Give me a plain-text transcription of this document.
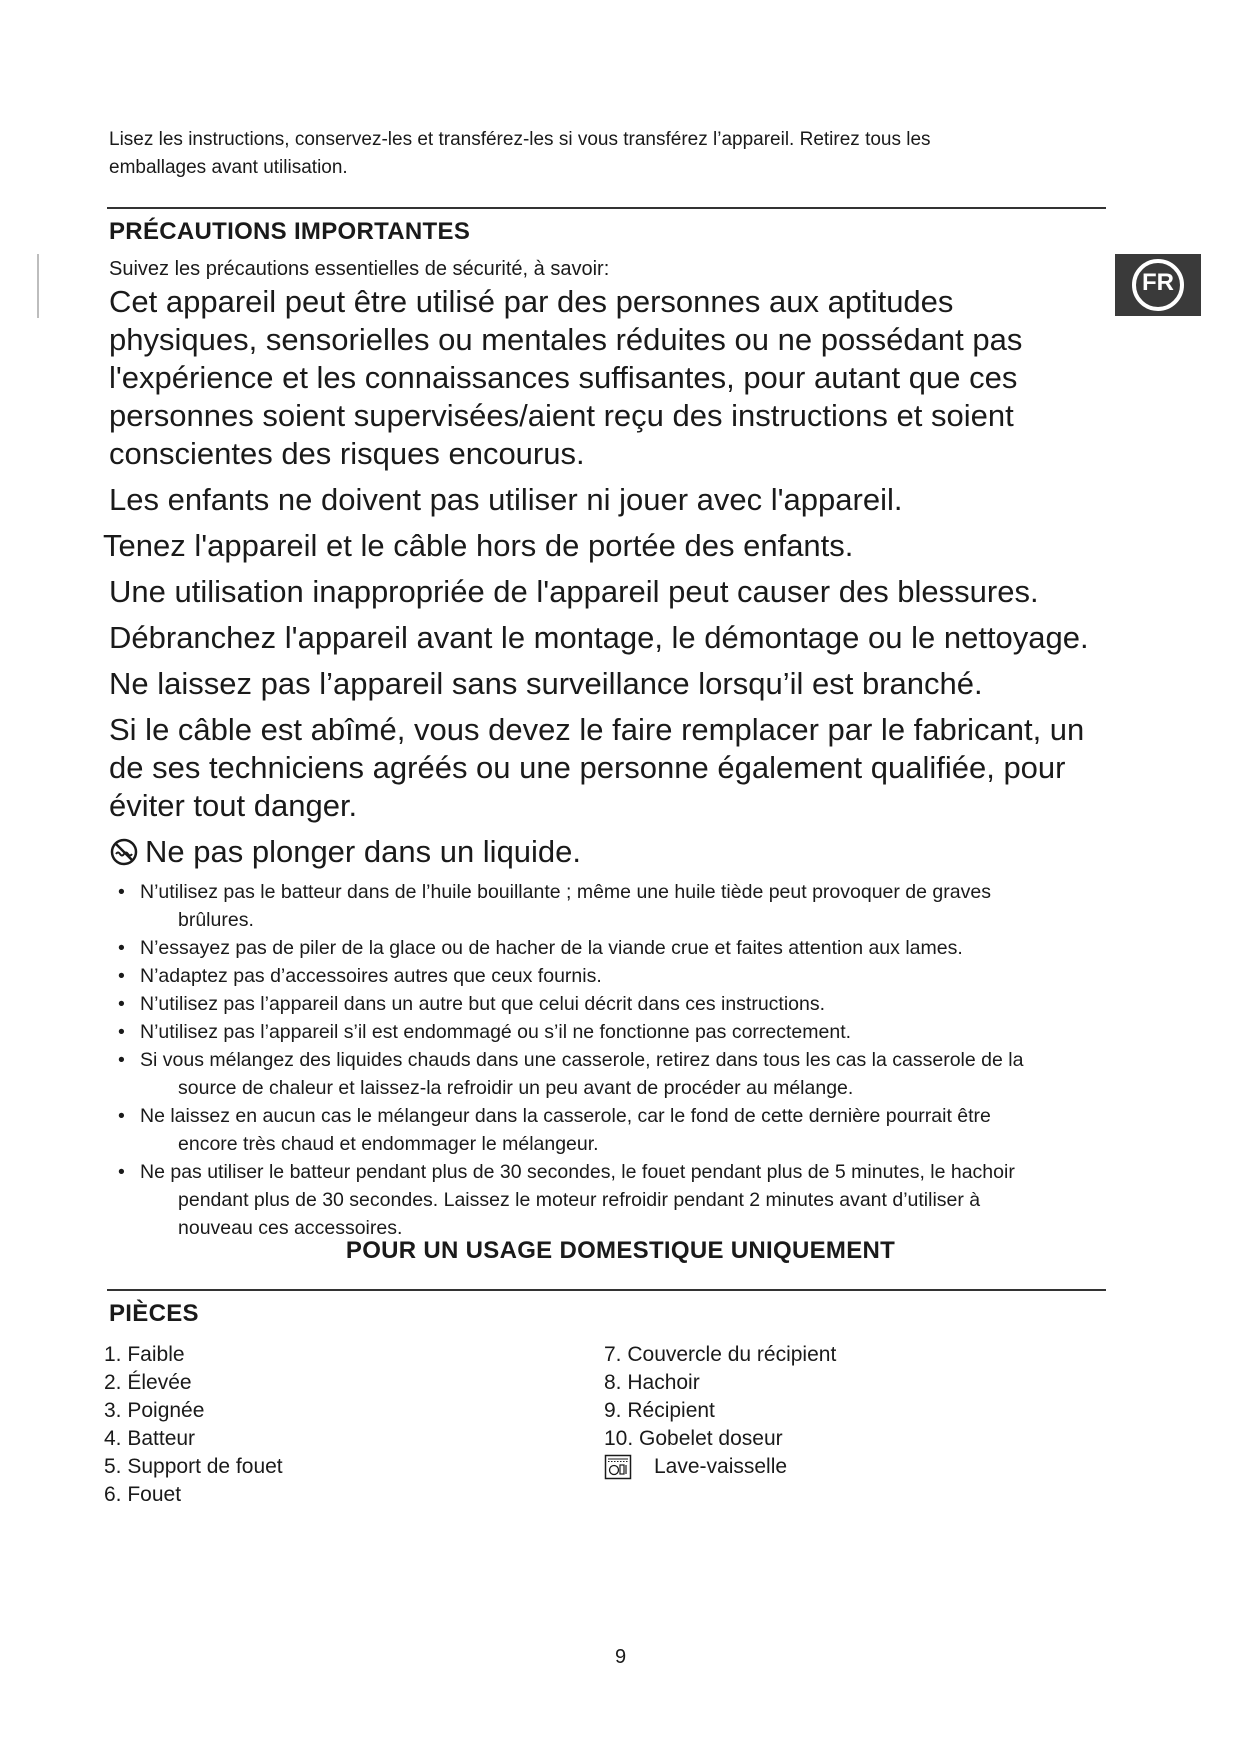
Lisez les instructions, conservez-les et transférez-les si vous transférez l’appareil. Retirez tous les
emballages avant utilisation.
PRÉCAUTIONS IMPORTANTES
Suivez les précautions essentielles de sécurité, à savoir:	FR

Cet appareil peut être utilisé par des personnes aux aptitudes physiques, sensorielles ou mentales réduites ou ne possédant pas l'expérience et les connaissances suffisantes, pour autant que ces personnes soient supervisées/aient reçu des instructions et soient conscientes des risques encourus.

Les enfants ne doivent pas utiliser ni jouer avec l'appareil.

Tenez l'appareil et le câble hors de portée des enfants.

Une utilisation inappropriée de l'appareil peut causer des blessures.

Débranchez l'appareil avant le montage, le démontage ou le nettoyage.

Ne laissez pas l’appareil sans surveillance lorsqu’il est branché.

Si le câble est abîmé, vous devez le faire remplacer par le fabricant, un de ses techniciens agréés ou une personne également qualifiée, pour éviter tout danger.

Ne pas plonger dans un liquide.

• N’utilisez pas le batteur dans de l’huile bouillante ; même une huile tiède peut provoquer de graves
brûlures.
• N’essayez pas de piler de la glace ou de hacher de la viande crue et faites attention aux lames.
• N’adaptez pas d’accessoires autres que ceux fournis.
• N’utilisez pas l’appareil dans un autre but que celui décrit dans ces instructions.
• N’utilisez pas l’appareil s’il est endommagé ou s’il ne fonctionne pas correctement.
• Si vous mélangez des liquides chauds dans une casserole, retirez dans tous les cas la casserole de la
source de chaleur et laissez-la refroidir un peu avant de procéder au mélange.
• Ne laissez en aucun cas le mélangeur dans la casserole, car le fond de cette dernière pourrait être
encore très chaud et endommager le mélangeur.
• Ne pas utiliser le batteur pendant plus de 30 secondes, le fouet pendant plus de 5 minutes, le hachoir
pendant plus de 30 secondes. Laissez le moteur refroidir pendant 2 minutes avant d’utiliser à
nouveau ces accessoires.
POUR UN USAGE DOMESTIQUE UNIQUEMENT
PIÈCES
1. Faible
2. Élevée
3. Poignée
4. Batteur
5. Support de fouet
6. Fouet
7. Couvercle du récipient
8. Hachoir
9. Récipient
10. Gobelet doseur
Lave-vaisselle
9
